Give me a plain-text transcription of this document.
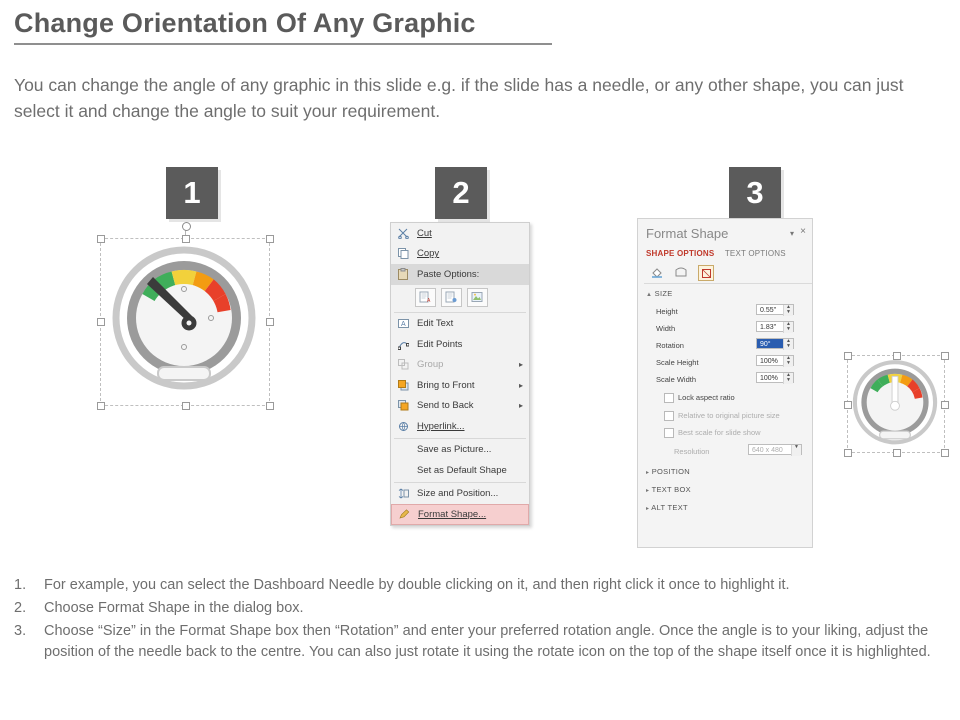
Change Orientation Of Any Graphic
You can change the angle of any graphic in this slide e.g. if the slide has a needle, or any other shape, you can just select it and change the angle to suit your requirement.
1	2	3
Cut
Copy
Paste Options:
A
A Edit Text
Edit Points
Group	▸
Bring to Front	▸
Send to Back	▸
Hyperlink...
Save as Picture...
Set as Default Shape
Size and Position...
Format Shape...
Format Shape	▾ ×
SHAPE OPTIONS TEXT OPTIONS
▲ SIZE
Height	0.55"	▲
▼
Width	1.83"	▲
▼
Rotation	90°	▲
▼
Scale Height	100%	▲
▼
Scale Width	100%	▲
▼
Lock aspect ratio
Relative to original picture size
Best scale for slide show
Resolution	640 x 480	▼
▸ POSITION
▸ TEXT BOX
▸ ALT TEXT
1.	For example, you can select the Dashboard Needle by double clicking on it, and then right click it once to highlight it.
2.	Choose Format Shape in the dialog box.
3.	Choose “Size” in the Format Shape box then “Rotation” and enter your preferred rotation angle. Once the angle is to your liking, adjust the position of the needle back to the centre. You can also just rotate it using the rotate icon on the top of the shape itself once it is highlighted.
